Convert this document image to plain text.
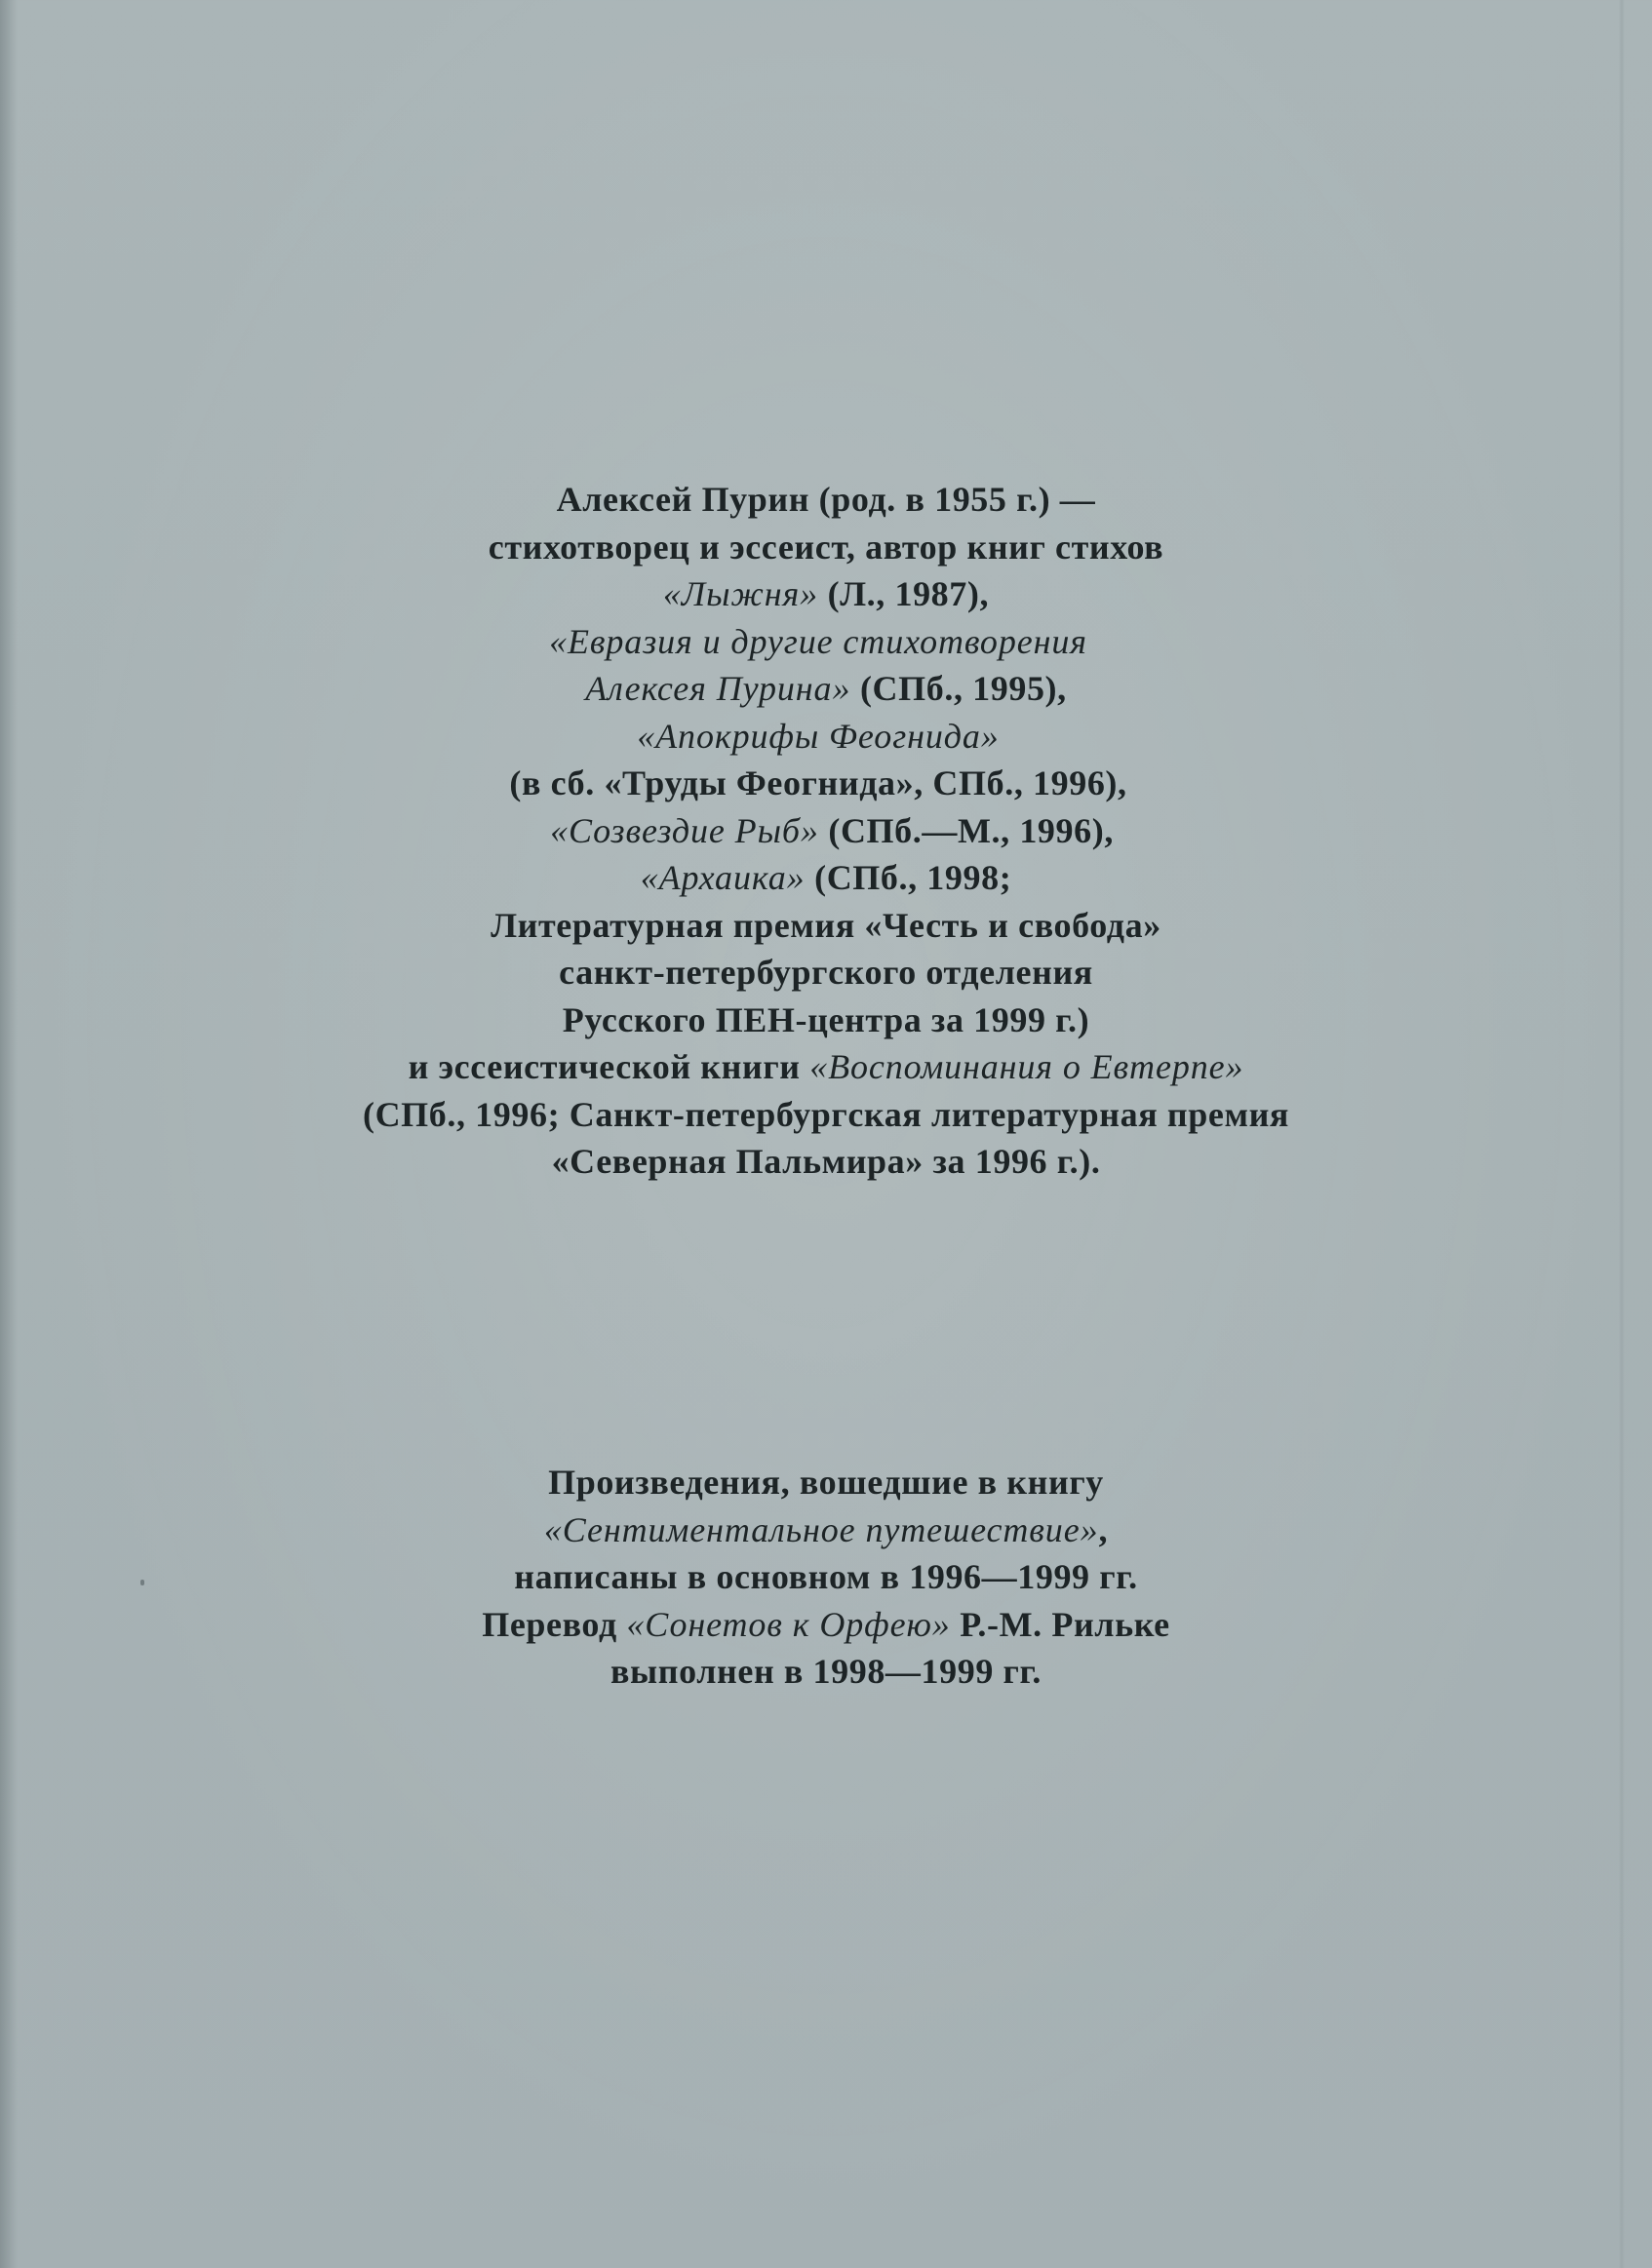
Алексей Пурин (род. в 1955 г.) —
стихотворец и эссеист, автор книг стихов
«Лыжня» (Л., 1987),
«Евразия и другие стихотворения
Алексея Пурина» (СПб., 1995),
«Апокрифы Феогнида»
(в сб. «Труды Феогнида», СПб., 1996),
«Созвездие Рыб» (СПб.—М., 1996),
«Архаика» (СПб., 1998;
Литературная премия «Честь и свобода»
санкт-петербургского отделения
Русского ПЕН-центра за 1999 г.)
и эссеистической книги «Воспоминания о Евтерпе»
(СПб., 1996; Санкт-петербургская литературная премия
«Северная Пальмира» за 1996 г.).
Произведения, вошедшие в книгу
«Сентиментальное путешествие»,
написаны в основном в 1996—1999 гг.
Перевод «Сонетов к Орфею» Р.-М. Рильке
выполнен в 1998—1999 гг.
